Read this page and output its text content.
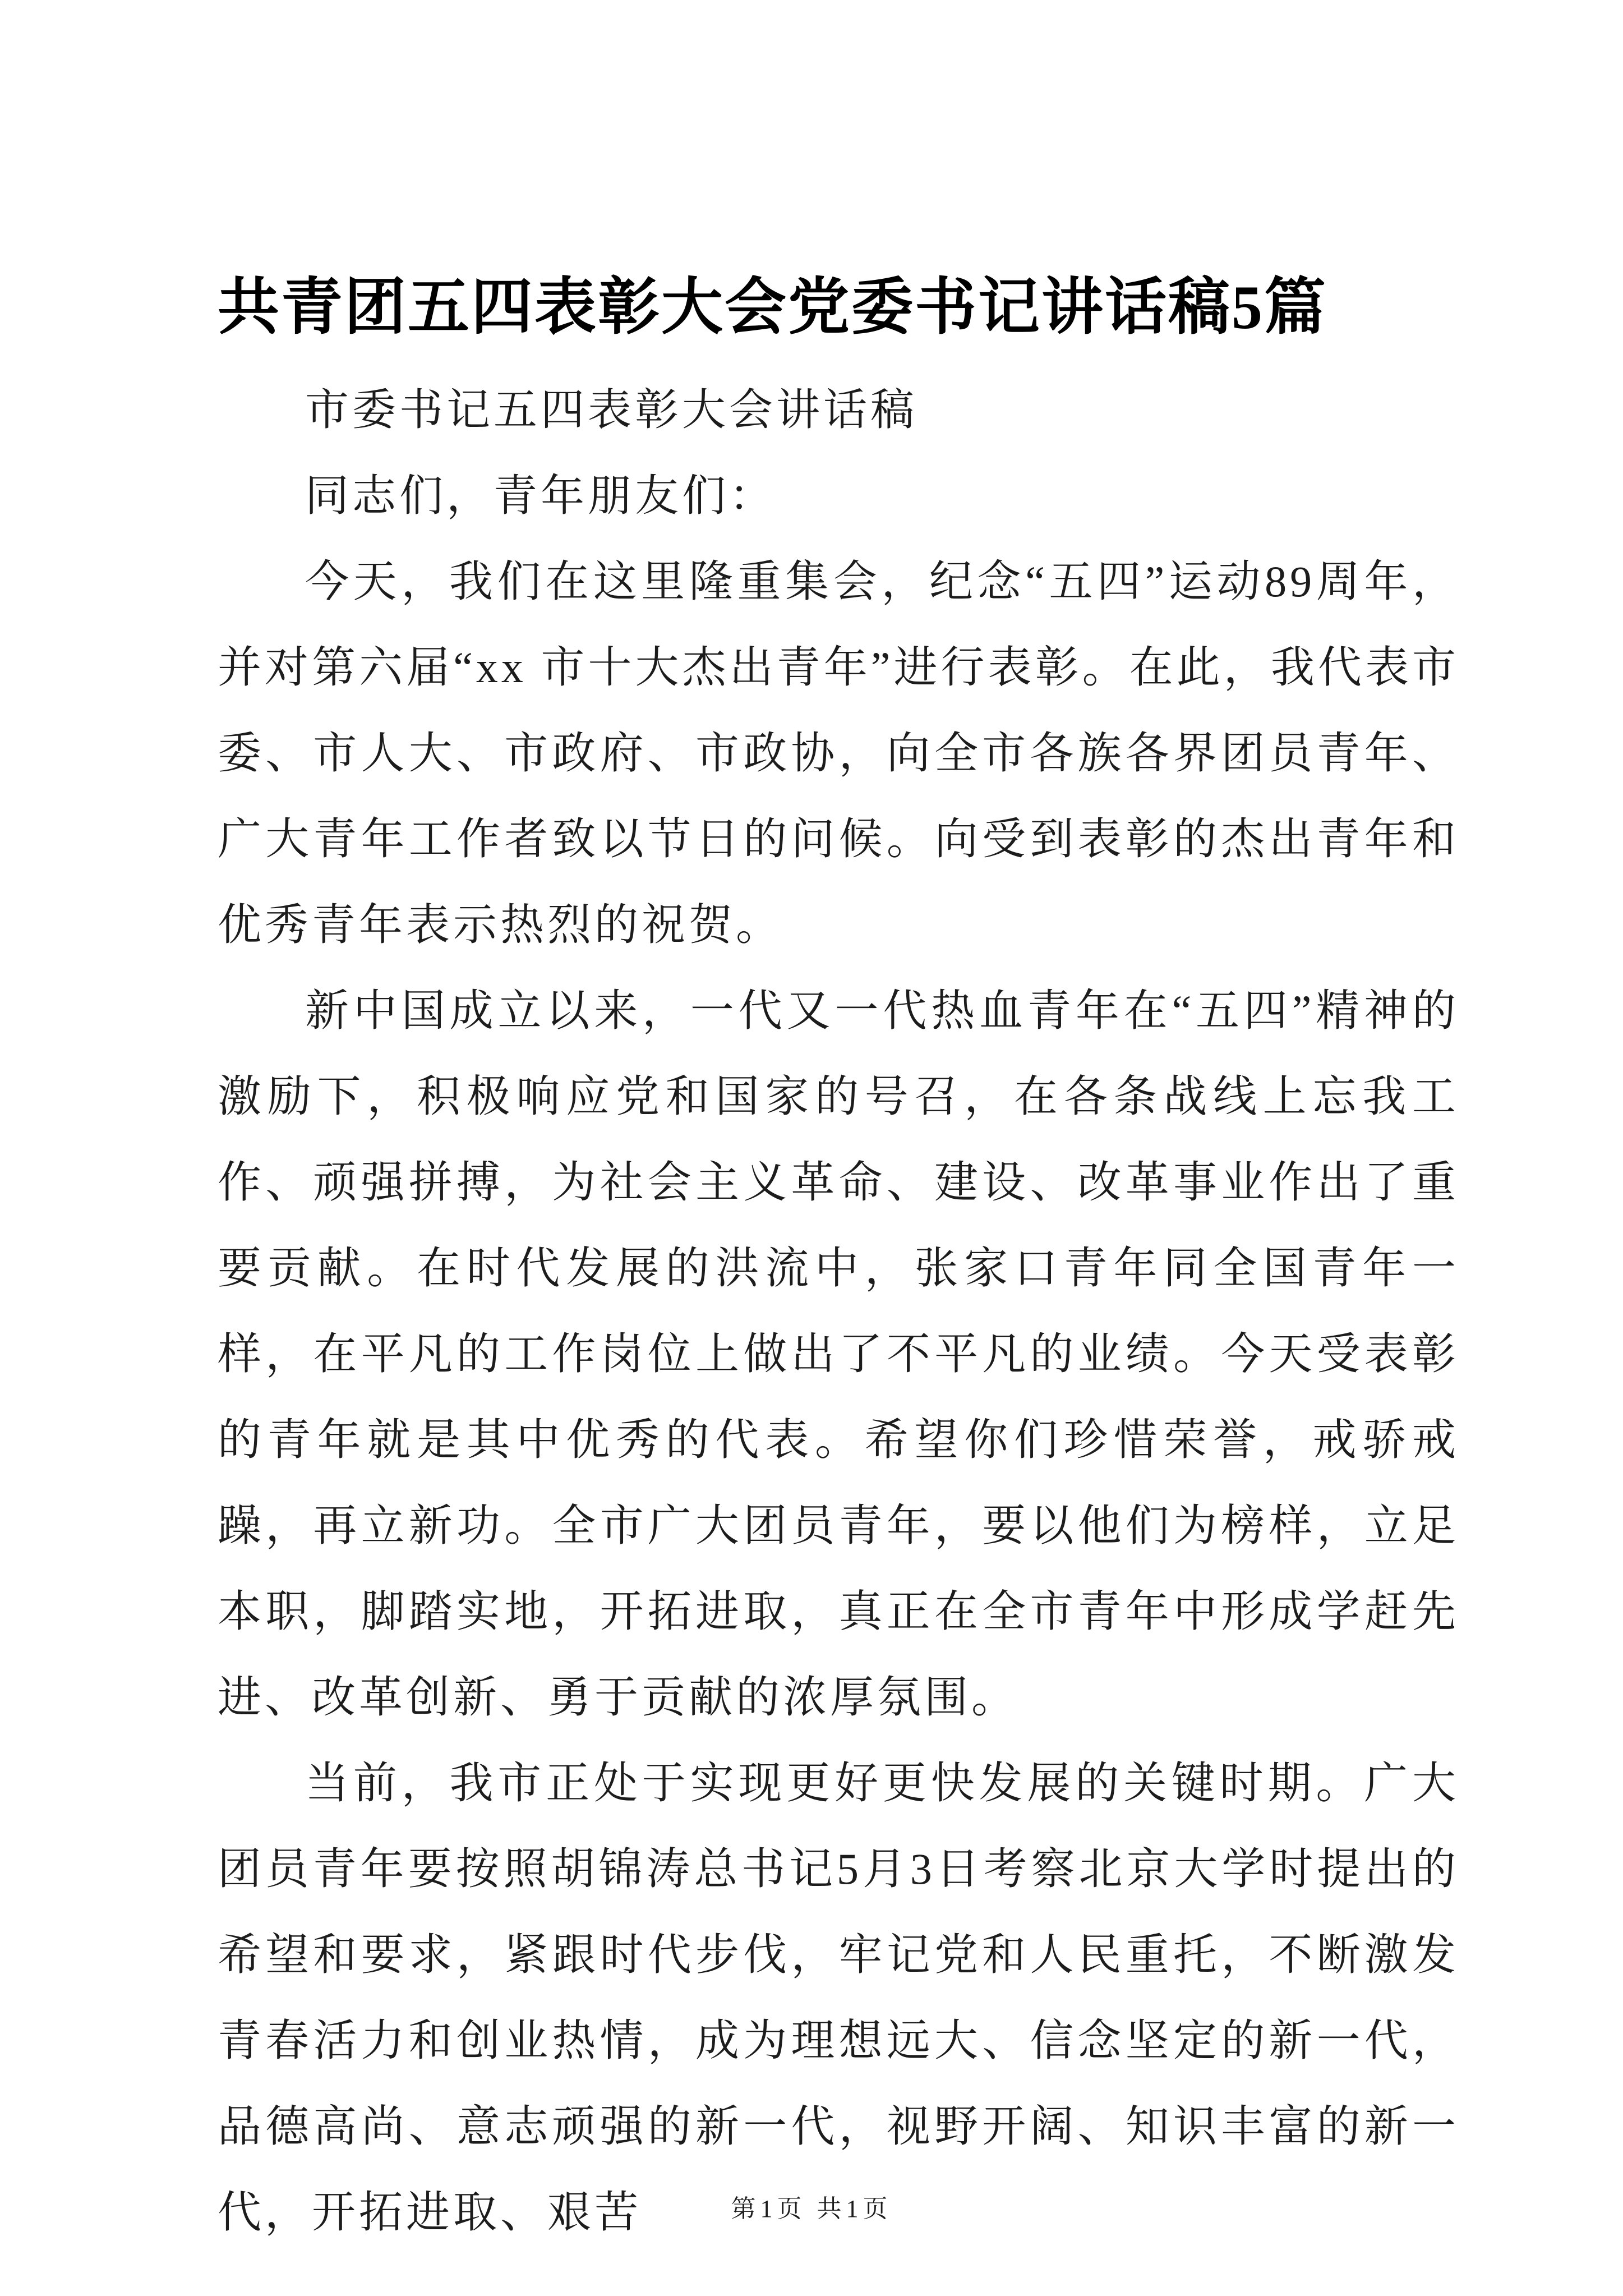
共青团五四表彰大会党委书记讲话稿5篇

市委书记五四表彰大会讲话稿

同志们，青年朋友们：

今天，我们在这里隆重集会，纪念“五四”运动89周年，并对第六届“xx 市十大杰出青年”进行表彰。在此，我代表市委、市人大、市政府、市政协，向全市各族各界团员青年、广大青年工作者致以节日的问候。向受到表彰的杰出青年和优秀青年表示热烈的祝贺。

新中国成立以来，一代又一代热血青年在“五四”精神的激励下，积极响应党和国家的号召，在各条战线上忘我工作、顽强拼搏，为社会主义革命、建设、改革事业作出了重要贡献。在时代发展的洪流中，张家口青年同全国青年一样，在平凡的工作岗位上做出了不平凡的业绩。今天受表彰的青年就是其中优秀的代表。希望你们珍惜荣誉，戒骄戒躁，再立新功。全市广大团员青年，要以他们为榜样，立足本职，脚踏实地，开拓进取，真正在全市青年中形成学赶先进、改革创新、勇于贡献的浓厚氛围。

当前，我市正处于实现更好更快发展的关键时期。广大团员青年要按照胡锦涛总书记5月3日考察北京大学时提出的希望和要求，紧跟时代步伐，牢记党和人民重托，不断激发青春活力和创业热情，成为理想远大、信念坚定的新一代，品德高尚、意志顽强的新一代，视野开阔、知识丰富的新一代，开拓进取、艰苦	第1页 共1页
